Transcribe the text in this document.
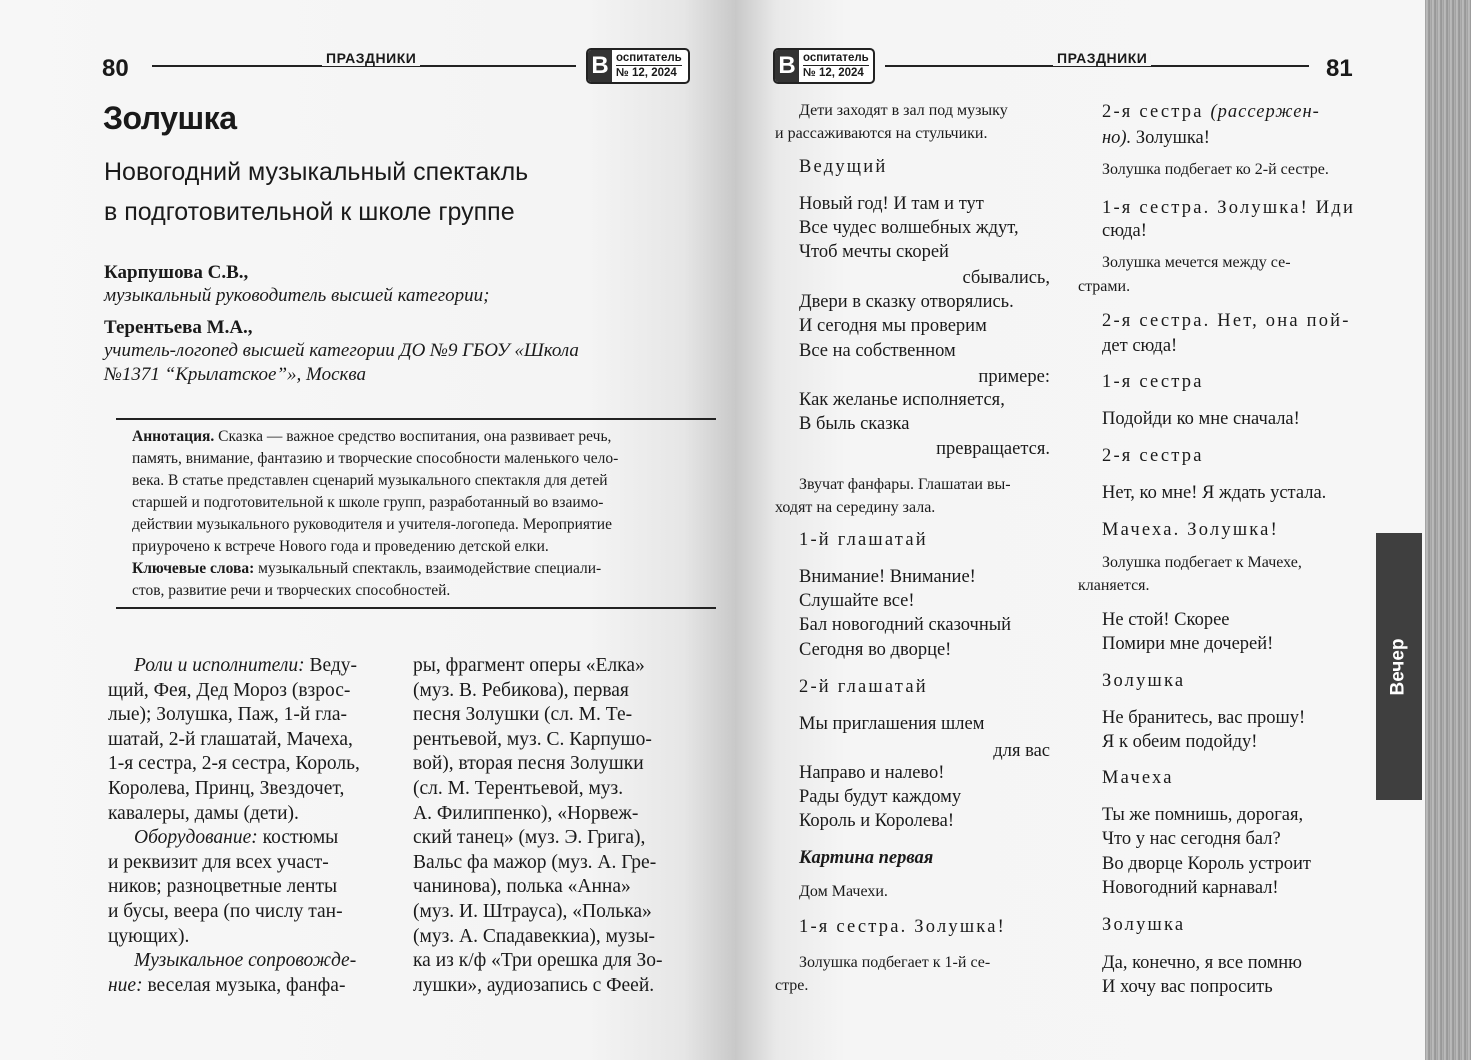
80	ПРАЗДНИКИ	В оспитатель
№ 12, 2024
Золушка
Новогодний музыкальный спектакль
в подготовительной к школе группе
Карпушова С.В.,
музыкальный руководитель высшей категории;
Терентьева М.А.,
учитель-логопед высшей категории ДО №9 ГБОУ «Школа
№1371 “Крылатское”», Москва
Аннотация. Сказка — важное средство воспитания, она развивает речь,
память, внимание, фантазию и творческие способности маленького чело-
века. В статье представлен сценарий музыкального спектакля для детей
старшей и подготовительной к школе групп, разработанный во взаимо-
действии музыкального руководителя и учителя-логопеда. Мероприятие
приурочено к встрече Нового года и проведению детской елки.
Ключевые слова: музыкальный спектакль, взаимодействие специали-
стов, развитие речи и творческих способностей.
Роли и исполнители: Веду-
щий, Фея, Дед Мороз (взрос-
лые); Золушка, Паж, 1-й гла-
шатай, 2-й глашатай, Мачеха,
1-я сестра, 2-я сестра, Король,
Королева, Принц, Звездочет,
кавалеры, дамы (дети).
Оборудование: костюмы
и реквизит для всех участ-
ников; разноцветные ленты
и бусы, веера (по числу тан-
цующих).
Музыкальное сопровожде-
ние: веселая музыка, фанфа-
ры, фрагмент оперы «Елка»
(муз. В. Ребикова), первая
песня Золушки (сл. М. Те-
рентьевой, муз. С. Карпушо-
вой), вторая песня Золушки
(сл. М. Терентьевой, муз.
А. Филиппенко), «Норвеж-
ский танец» (муз. Э. Грига),
Вальс фа мажор (муз. А. Гре-
чанинова), полька «Анна»
(муз. И. Штрауса), «Полька»
(муз. А. Спадавеккиа), музы-
ка из к/ф «Три орешка для Зо-
лушки», аудиозапись с Феей.
В оспитатель
№ 12, 2024
ПРАЗДНИКИ	81
Дети заходят в зал под музыку
и рассаживаются на стульчики.
Ведущий
Новый год! И там и тут
Все чудес волшебных ждут,
Чтоб мечты скорей
сбывались,
Двери в сказку отворялись.
И сегодня мы проверим
Все на собственном
примере:
Как желанье исполняется,
В быль сказка
превращается.
Звучат фанфары. Глашатаи вы-
ходят на середину зала.
1-й глашатай
Внимание! Внимание!
Слушайте все!
Бал новогодний сказочный
Сегодня во дворце!
2-й глашатай
Мы приглашения шлем
для вас
Направо и налево!
Рады будут каждому
Король и Королева!
Картина первая
Дом Мачехи.
1-я сестра. Золушка!
Золушка подбегает к 1-й се-
стре.
2-я сестра (рассержен-
но). Золушка!
Золушка подбегает ко 2-й сестре.
1-я сестра. Золушка! Иди
сюда!
Золушка мечется между се-
страми.
2-я сестра. Нет, она пой-
дет сюда!
1-я сестра
Подойди ко мне сначала!
2-я сестра
Нет, ко мне! Я ждать устала.
Мачеха. Золушка!
Золушка подбегает к Мачехе,
кланяется.
Не стой! Скорее
Помири мне дочерей!
Золушка
Не бранитесь, вас прошу!
Я к обеим подойду!
Мачеха
Ты же помнишь, дорогая,
Что у нас сегодня бал?
Во дворце Король устроит
Новогодний карнавал!
Золушка
Да, конечно, я все помню
И хочу вас попросить
Вечер
